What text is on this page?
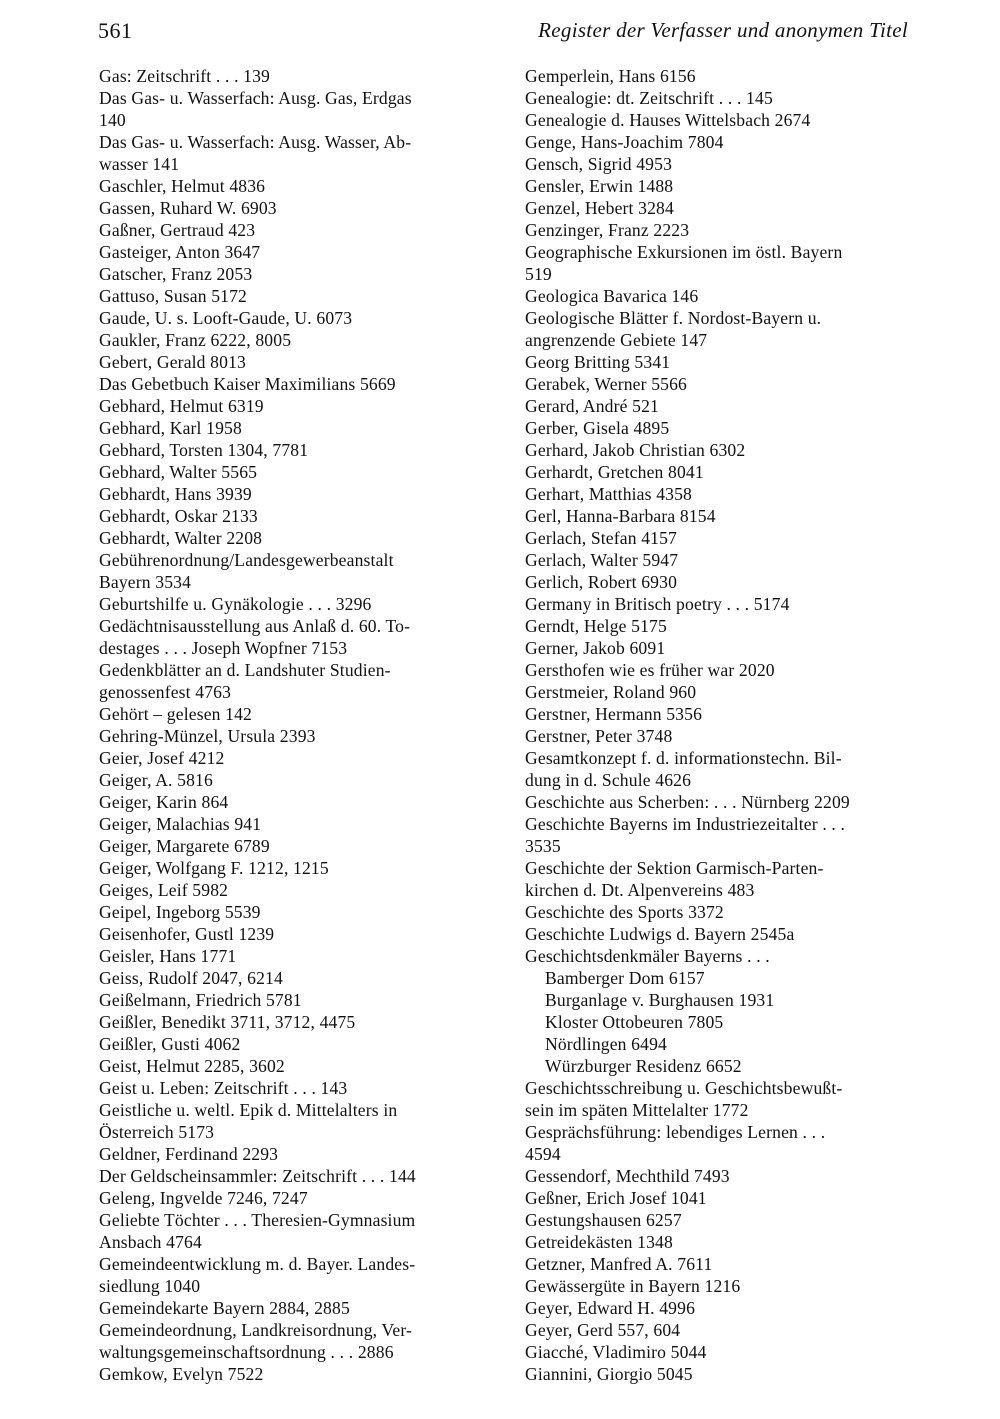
561	Register der Verfasser und anonymen Titel
Gas: Zeitschrift . . . 139
Das Gas- u. Wasserfach: Ausg. Gas, Erdgas
140
Das Gas- u. Wasserfach: Ausg. Wasser, Ab-
wasser 141
Gaschler, Helmut 4836
Gassen, Ruhard W. 6903
Gaßner, Gertraud 423
Gasteiger, Anton 3647
Gatscher, Franz 2053
Gattuso, Susan 5172
Gaude, U. s. Looft-Gaude, U. 6073
Gaukler, Franz 6222, 8005
Gebert, Gerald 8013
Das Gebetbuch Kaiser Maximilians 5669
Gebhard, Helmut 6319
Gebhard, Karl 1958
Gebhard, Torsten 1304, 7781
Gebhard, Walter 5565
Gebhardt, Hans 3939
Gebhardt, Oskar 2133
Gebhardt, Walter 2208
Gebührenordnung/Landesgewerbeanstalt
Bayern 3534
Geburtshilfe u. Gynäkologie . . . 3296
Gedächtnisausstellung aus Anlaß d. 60. To-
destages . . . Joseph Wopfner 7153
Gedenkblätter an d. Landshuter Studien-
genossenfest 4763
Gehört – gelesen 142
Gehring-Münzel, Ursula 2393
Geier, Josef 4212
Geiger, A. 5816
Geiger, Karin 864
Geiger, Malachias 941
Geiger, Margarete 6789
Geiger, Wolfgang F. 1212, 1215
Geiges, Leif 5982
Geipel, Ingeborg 5539
Geisenhofer, Gustl 1239
Geisler, Hans 1771
Geiss, Rudolf 2047, 6214
Geißelmann, Friedrich 5781
Geißler, Benedikt 3711, 3712, 4475
Geißler, Gusti 4062
Geist, Helmut 2285, 3602
Geist u. Leben: Zeitschrift . . . 143
Geistliche u. weltl. Epik d. Mittelalters in
Österreich 5173
Geldner, Ferdinand 2293
Der Geldscheinsammler: Zeitschrift . . . 144
Geleng, Ingvelde 7246, 7247
Geliebte Töchter . . . Theresien-Gymnasium
Ansbach 4764
Gemeindeentwicklung m. d. Bayer. Landes-
siedlung 1040
Gemeindekarte Bayern 2884, 2885
Gemeindeordnung, Landkreisordnung, Ver-
waltungsgemeinschaftsordnung . . . 2886
Gemkow, Evelyn 7522
Gemperlein, Hans 6156
Genealogie: dt. Zeitschrift . . . 145
Genealogie d. Hauses Wittelsbach 2674
Genge, Hans-Joachim 7804
Gensch, Sigrid 4953
Gensler, Erwin 1488
Genzel, Hebert 3284
Genzinger, Franz 2223
Geographische Exkursionen im östl. Bayern
519
Geologica Bavarica 146
Geologische Blätter f. Nordost-Bayern u.
angrenzende Gebiete 147
Georg Britting 5341
Gerabek, Werner 5566
Gerard, André 521
Gerber, Gisela 4895
Gerhard, Jakob Christian 6302
Gerhardt, Gretchen 8041
Gerhart, Matthias 4358
Gerl, Hanna-Barbara 8154
Gerlach, Stefan 4157
Gerlach, Walter 5947
Gerlich, Robert 6930
Germany in Britisch poetry . . . 5174
Gerndt, Helge 5175
Gerner, Jakob 6091
Gersthofen wie es früher war 2020
Gerstmeier, Roland 960
Gerstner, Hermann 5356
Gerstner, Peter 3748
Gesamtkonzept f. d. informationstechn. Bil-
dung in d. Schule 4626
Geschichte aus Scherben: . . . Nürnberg 2209
Geschichte Bayerns im Industriezeitalter . . .
3535
Geschichte der Sektion Garmisch-Parten-
kirchen d. Dt. Alpenvereins 483
Geschichte des Sports 3372
Geschichte Ludwigs d. Bayern 2545a
Geschichtsdenkmäler Bayerns . . .
Bamberger Dom 6157
Burganlage v. Burghausen 1931
Kloster Ottobeuren 7805
Nördlingen 6494
Würzburger Residenz 6652
Geschichtsschreibung u. Geschichtsbewußt-
sein im späten Mittelalter 1772
Gesprächsführung: lebendiges Lernen . . .
4594
Gessendorf, Mechthild 7493
Geßner, Erich Josef 1041
Gestungshausen 6257
Getreidekästen 1348
Getzner, Manfred A. 7611
Gewässergüte in Bayern 1216
Geyer, Edward H. 4996
Geyer, Gerd 557, 604
Giacché, Vladimiro 5044
Giannini, Giorgio 5045
